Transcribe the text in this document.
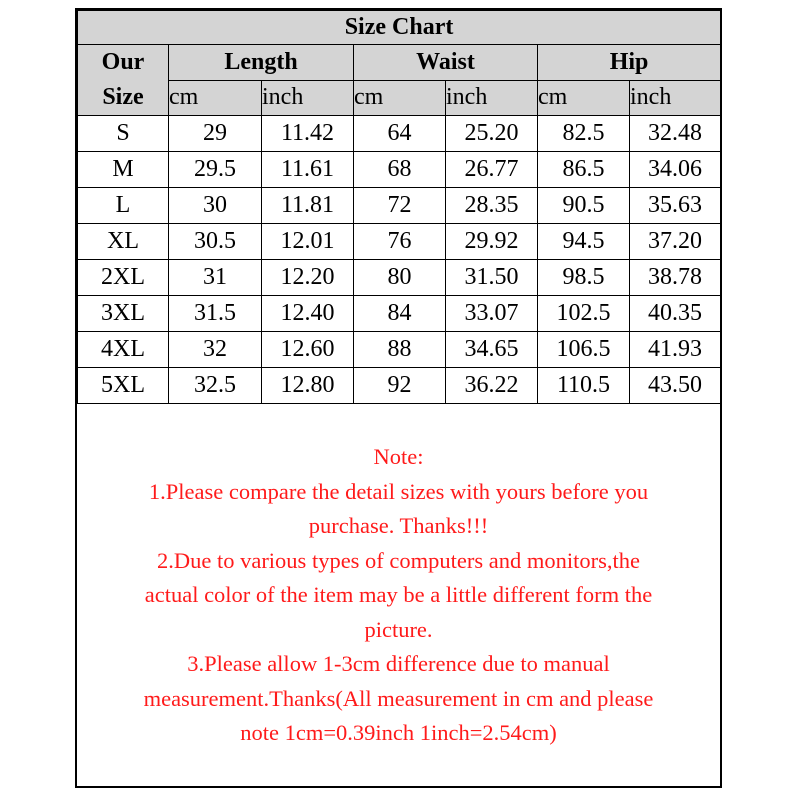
Size Chart						
Our
Size	Length		Waist		Hip	
	cm	inch	cm	inch	cm	inch
S	29	11.42	64	25.20	82.5	32.48
M	29.5	11.61	68	26.77	86.5	34.06
L	30	11.81	72	28.35	90.5	35.63
XL	30.5	12.01	76	29.92	94.5	37.20
2XL	31	12.20	80	31.50	98.5	38.78
3XL	31.5	12.40	84	33.07	102.5	40.35
4XL	32	12.60	88	34.65	106.5	41.93
5XL	32.5	12.80	92	36.22	110.5	43.50
Note:
1.Please compare the detail sizes with yours before you
purchase. Thanks!!!
2.Due to various types of computers and monitors,the
actual color of the item may be a little different form the
picture.
3.Please allow 1-3cm difference due to manual
measurement.Thanks(All measurement in cm and please
note 1cm=0.39inch 1inch=2.54cm)
